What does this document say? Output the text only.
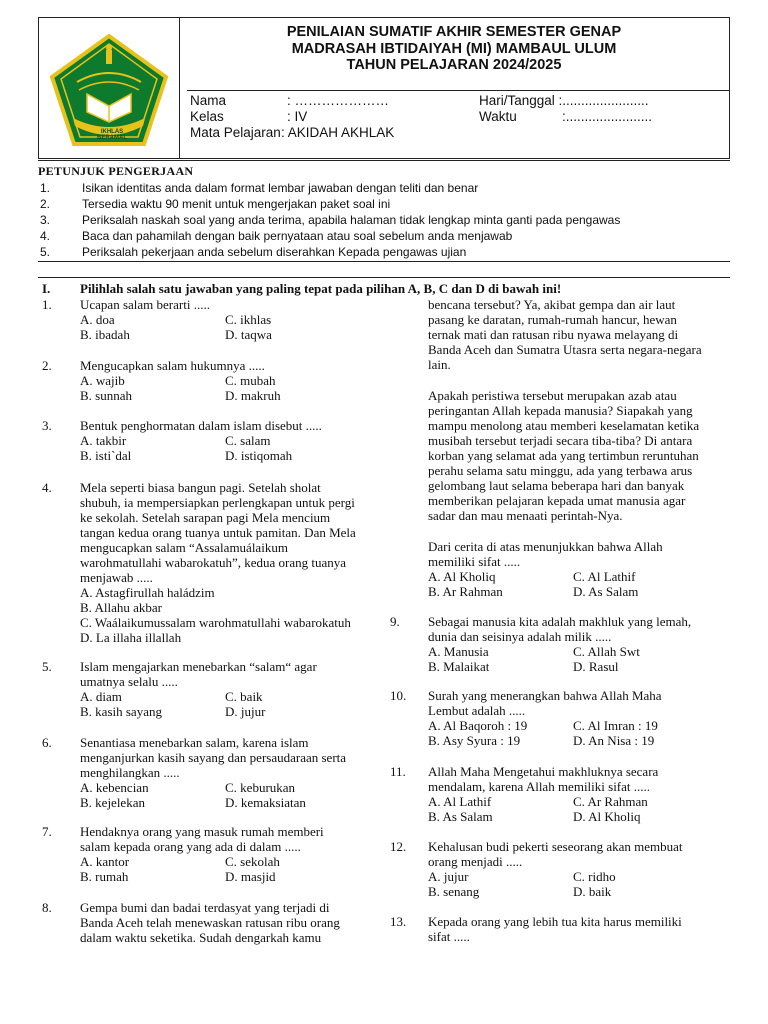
IKHLAS BERAMAL
PENILAIAN SUMATIF AKHIR SEMESTER GENAP
MADRASAH IBTIDAIYAH (MI) MAMBAUL ULUM
TAHUN PELAJARAN 2024/2025
Nama	: …………………
Kelas	: IV
Mata Pelajaran : AKIDAH AKHLAK
Hari/Tanggal :.......................
Waktu	:.......................
PETUNJUK PENGERJAAN
1.	Isikan identitas anda dalam format lembar jawaban dengan teliti dan benar
2.	Tersedia waktu 90 menit untuk mengerjakan paket soal ini
3.	Periksalah naskah soal yang anda terima, apabila halaman tidak lengkap minta ganti pada pengawas
4.	Baca dan pahamilah dengan baik pernyataan atau soal sebelum anda menjawab
5.	Periksalah pekerjaan anda sebelum diserahkan Kepada pengawas ujian
I. Pilihlah salah satu jawaban yang paling tepat pada pilihan A, B, C dan D di bawah ini!
1. Ucapan salam berarti .....
A. doa	C. ikhlas
B. ibadah	D. taqwa
2. Mengucapkan salam hukumnya .....
A. wajib	C. mubah
B. sunnah	D. makruh
3. Bentuk penghormatan dalam islam disebut .....
A. takbir	C. salam
B. isti`dal	D. istiqomah
4. Mela seperti biasa bangun pagi. Setelah sholat
shubuh, ia mempersiapkan perlengkapan untuk pergi
ke sekolah. Setelah sarapan pagi Mela mencium
tangan kedua orang tuanya untuk pamitan. Dan Mela
mengucapkan salam “Assalamuálaikum
warohmatullahi wabarokatuh”, kedua orang tuanya
menjawab .....
A. Astagfirullah haládzim
B. Allahu akbar
C. Waálaikumussalam warohmatullahi wabarokatuh
D. La illaha illallah
5. Islam mengajarkan menebarkan “salam“ agar
umatnya selalu .....
A. diam	C. baik
B. kasih sayang	D. jujur
6. Senantiasa menebarkan salam, karena islam
menganjurkan kasih sayang dan persaudaraan serta
menghilangkan .....
A. kebencian	C. keburukan
B. kejelekan	D. kemaksiatan
7. Hendaknya orang yang masuk rumah memberi
salam kepada orang yang ada di dalam .....
A. kantor	C. sekolah
B. rumah	D. masjid
8. Gempa bumi dan badai terdasyat yang terjadi di
Banda Aceh telah menewaskan ratusan ribu orang
dalam waktu seketika. Sudah dengarkah kamu
bencana tersebut? Ya, akibat gempa dan air laut
pasang ke daratan, rumah-rumah hancur, hewan
ternak mati dan ratusan ribu nyawa melayang di
Banda Aceh dan Sumatra Utasra serta negara-negara
lain.
Apakah peristiwa tersebut merupakan azab atau
peringantan Allah kepada manusia? Siapakah yang
mampu menolong atau memberi keselamatan ketika
musibah tersebut terjadi secara tiba-tiba? Di antara
korban yang selamat ada yang tertimbun reruntuhan
perahu selama satu minggu, ada yang terbawa arus
gelombang laut selama beberapa hari dan banyak
memberikan pelajaran kepada umat manusia agar
sadar dan mau menaati perintah-Nya.
Dari cerita di atas menunjukkan bahwa Allah
memiliki sifat .....
A. Al Kholiq	C. Al Lathif
B. Ar Rahman	D. As Salam
9. Sebagai manusia kita adalah makhluk yang lemah,
dunia dan seisinya adalah milik .....
A. Manusia	C. Allah Swt
B. Malaikat	D. Rasul
10. Surah yang menerangkan bahwa Allah Maha
Lembut adalah .....
A. Al Baqoroh : 19	C. Al Imran : 19
B. Asy Syura : 19	D. An Nisa : 19
11. Allah Maha Mengetahui makhluknya secara
mendalam, karena Allah memiliki sifat .....
A. Al Lathif	C. Ar Rahman
B. As Salam	D. Al Kholiq
12. Kehalusan budi pekerti seseorang akan membuat
orang menjadi .....
A. jujur	C. ridho
B. senang	D. baik
13. Kepada orang yang lebih tua kita harus memiliki
sifat .....
